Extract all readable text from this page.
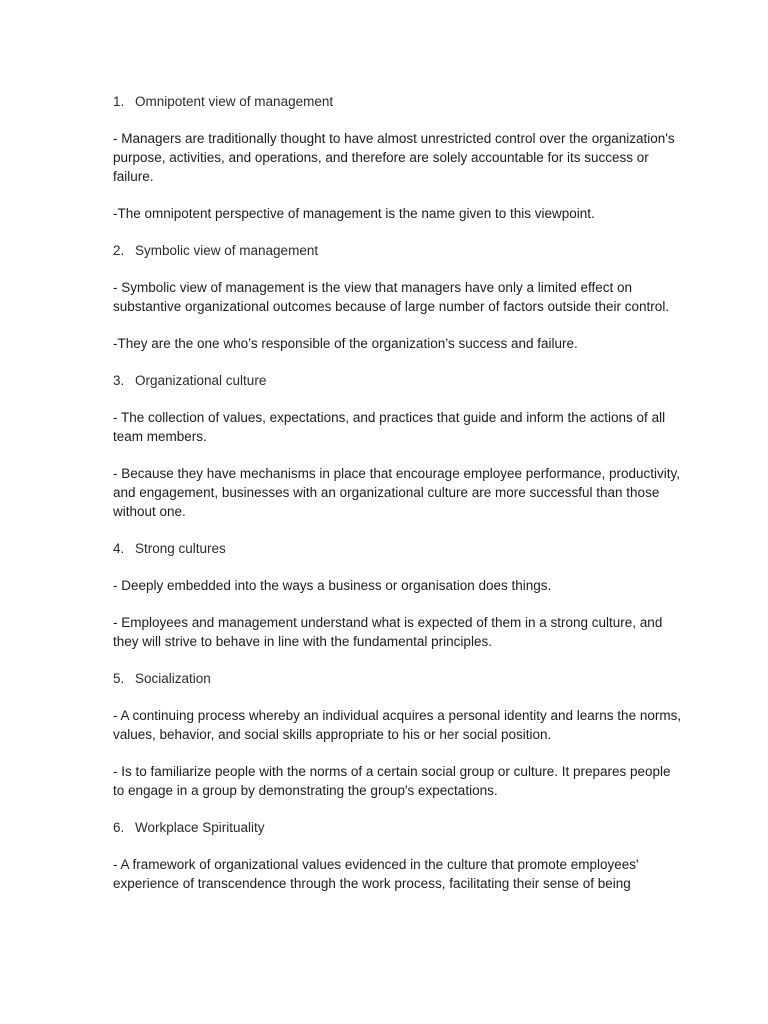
1. Omnipotent view of management
- Managers are traditionally thought to have almost unrestricted control over the organization's purpose, activities, and operations, and therefore are solely accountable for its success or failure.
-The omnipotent perspective of management is the name given to this viewpoint.
2. Symbolic view of management
- Symbolic view of management is the view that managers have only a limited effect on substantive organizational outcomes because of large number of factors outside their control.
-They are the one who’s responsible of the organization’s success and failure.
3. Organizational culture
- The collection of values, expectations, and practices that guide and inform the actions of all team members.
- Because they have mechanisms in place that encourage employee performance, productivity, and engagement, businesses with an organizational culture are more successful than those without one.
4. Strong cultures
- Deeply embedded into the ways a business or organisation does things.
- Employees and management understand what is expected of them in a strong culture, and they will strive to behave in line with the fundamental principles.
5. Socialization
- A continuing process whereby an individual acquires a personal identity and learns the norms, values, behavior, and social skills appropriate to his or her social position.
- Is to familiarize people with the norms of a certain social group or culture. It prepares people to engage in a group by demonstrating the group's expectations.
6. Workplace Spirituality
- A framework of organizational values evidenced in the culture that promote employees' experience of transcendence through the work process, facilitating their sense of being
